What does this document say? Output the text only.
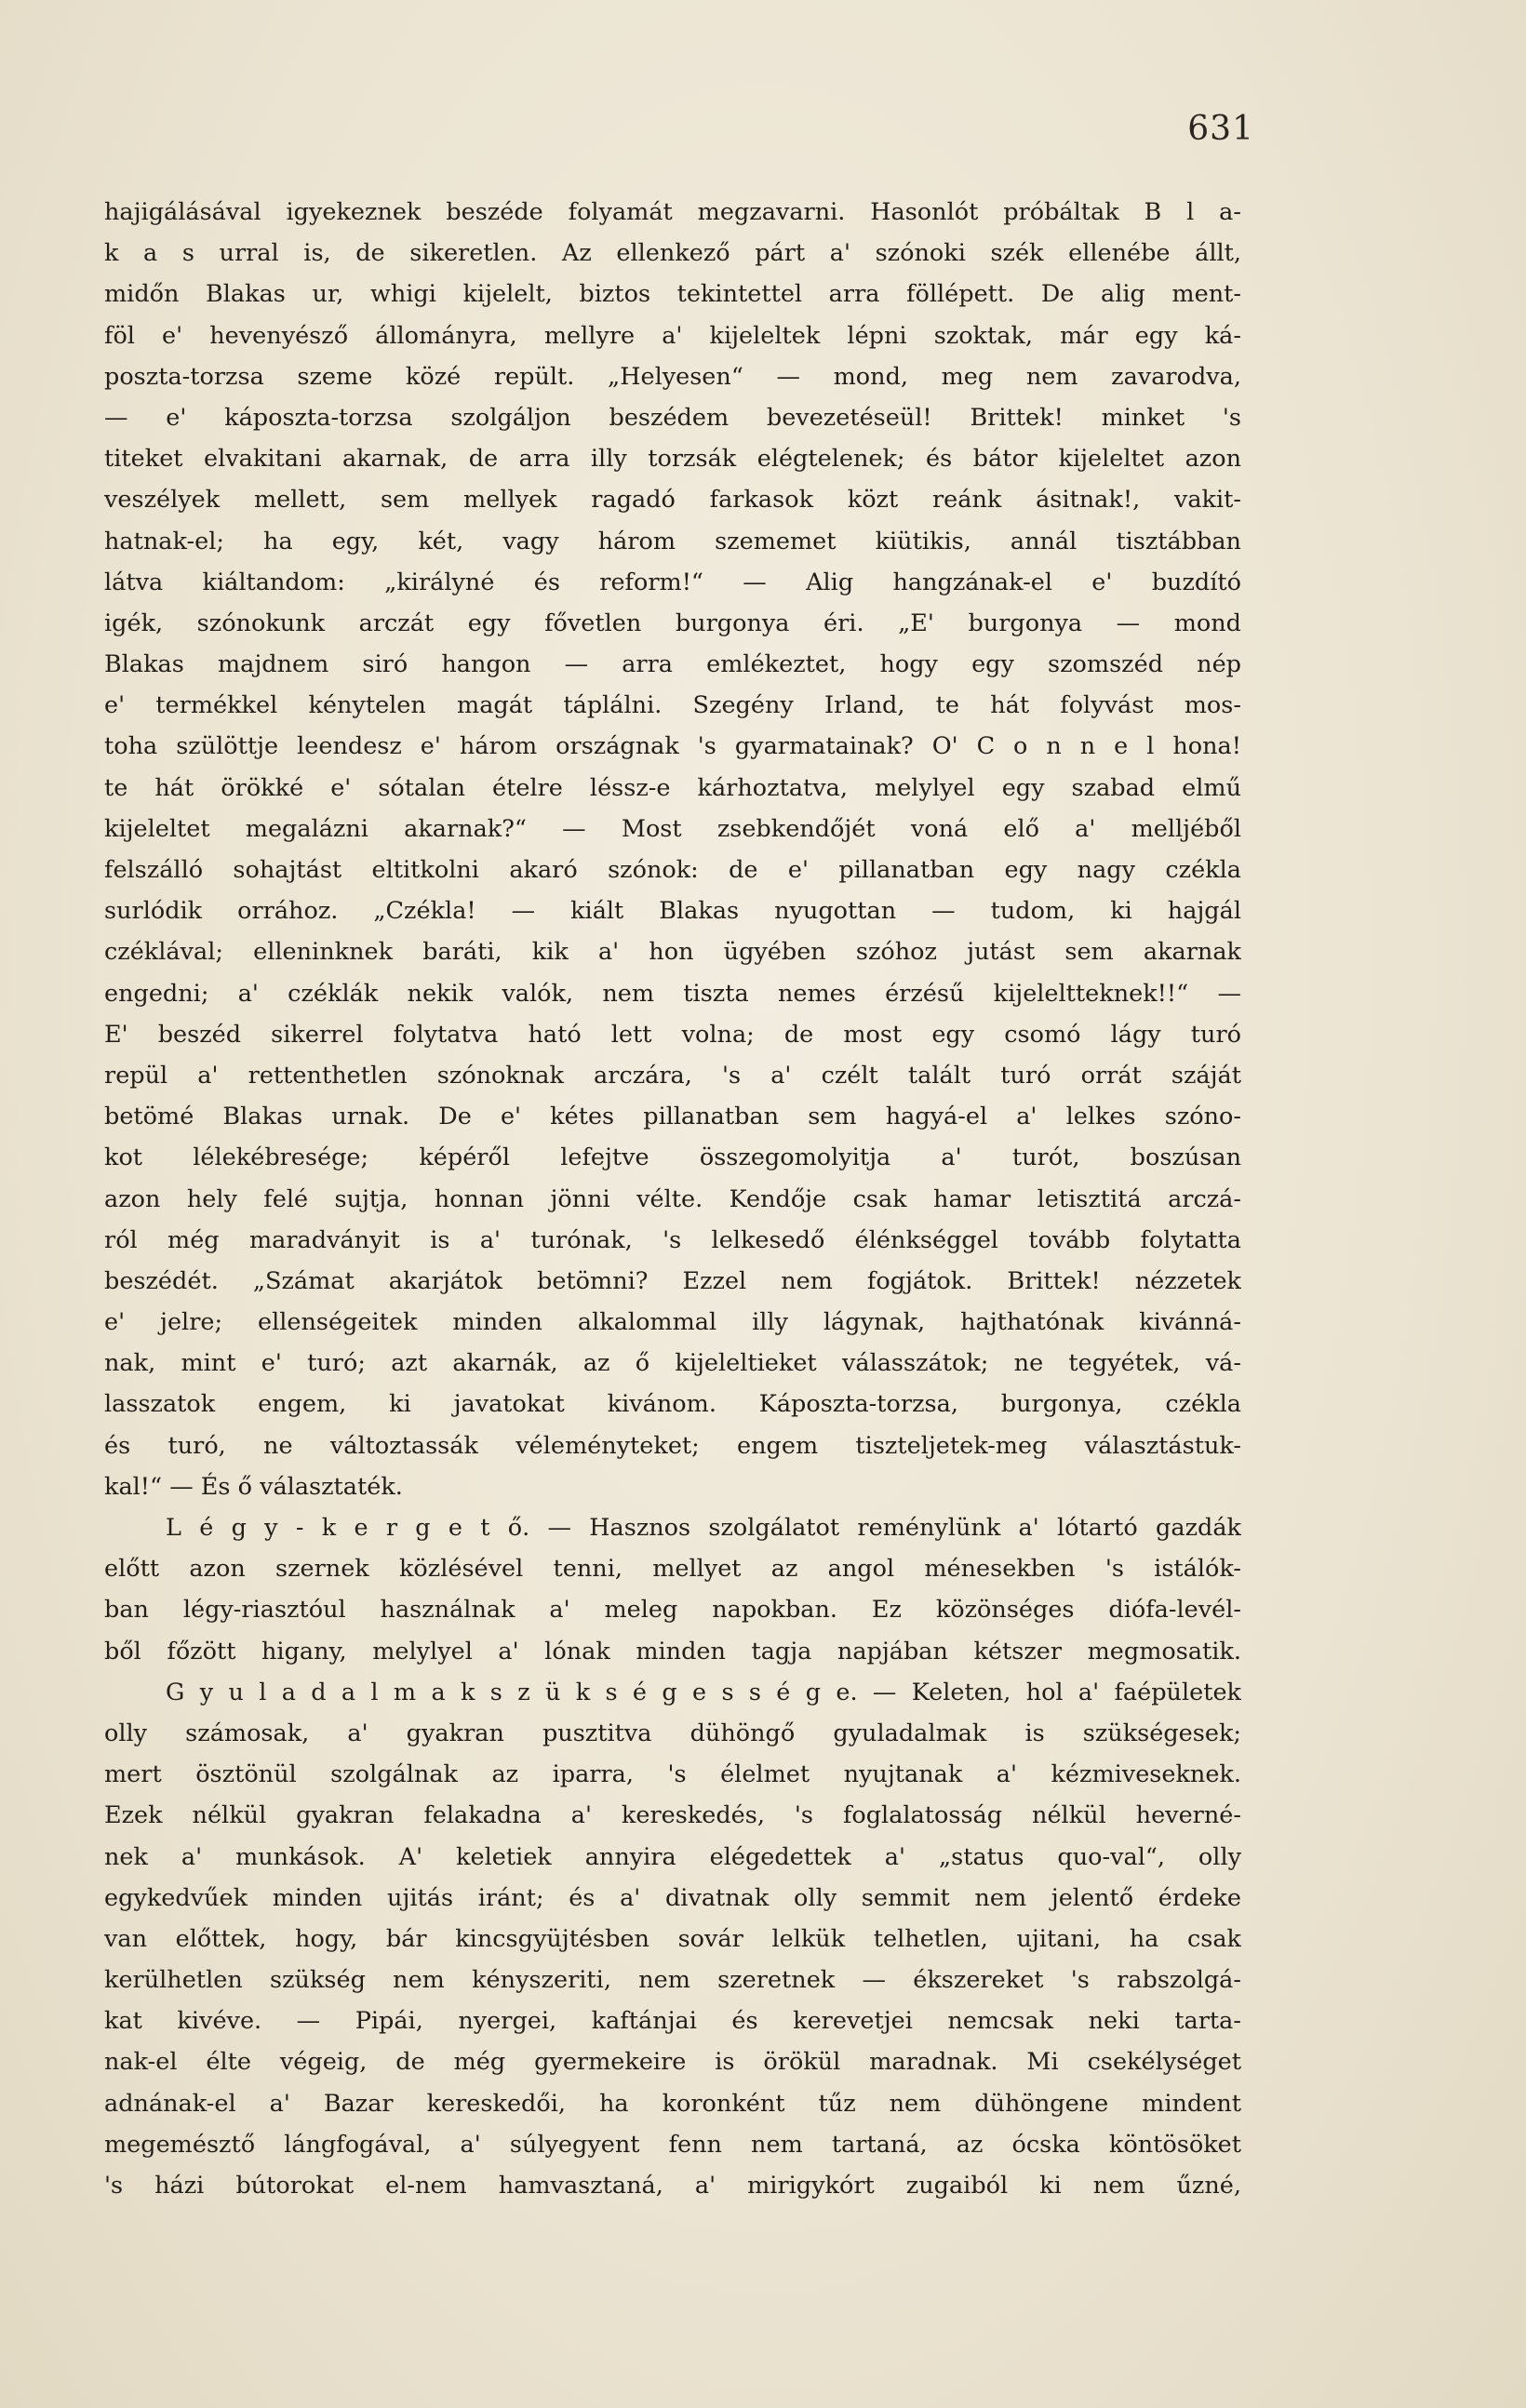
631
hajigálásával igyekeznek beszéde folyamát megzavarni. Hasonlót próbáltak B l a-
k a s urral is, de sikeretlen. Az ellenkező párt a' szónoki szék ellenébe állt,
midőn Blakas ur, whigi kijelelt, biztos tekintettel arra föllépett. De alig ment-
föl e' hevenyésző állományra, mellyre a' kijeleltek lépni szoktak, már egy ká-
poszta-torzsa szeme közé repült. „Helyesen“ — mond, meg nem zavarodva,
— e' káposzta-torzsa szolgáljon beszédem bevezetéseül! Brittek! minket 's
titeket elvakitani akarnak, de arra illy torzsák elégtelenek; és bátor kijeleltet azon
veszélyek mellett, sem mellyek ragadó farkasok közt reánk ásitnak!, vakit-
hatnak-el; ha egy, két, vagy három szememet kiütikis, annál tisztábban
látva kiáltandom: „királyné és reform!“ — Alig hangzának-el e' buzdító
igék, szónokunk arczát egy fővetlen burgonya éri. „E' burgonya — mond
Blakas majdnem siró hangon — arra emlékeztet, hogy egy szomszéd nép
e' termékkel kénytelen magát táplálni. Szegény Irland, te hát folyvást mos-
toha szülöttje leendesz e' három országnak 's gyarmatainak? O' C o n n e l hona!
te hát örökké e' sótalan ételre léssz-e kárhoztatva, melylyel egy szabad elmű
kijeleltet megalázni akarnak?“ — Most zsebkendőjét voná elő a' melljéből
felszálló sohajtást eltitkolni akaró szónok: de e' pillanatban egy nagy czékla
surlódik orrához. „Czékla! — kiált Blakas nyugottan — tudom, ki hajgál
czéklával; elleninknek baráti, kik a' hon ügyében szóhoz jutást sem akarnak
engedni; a' czéklák nekik valók, nem tiszta nemes érzésű kijeleltteknek!!“ —
E' beszéd sikerrel folytatva ható lett volna; de most egy csomó lágy turó
repül a' rettenthetlen szónoknak arczára, 's a' czélt talált turó orrát száját
betömé Blakas urnak. De e' kétes pillanatban sem hagyá-el a' lelkes szóno-
kot lélekébresége; képéről lefejtve összegomolyitja a' turót, boszúsan
azon hely felé sujtja, honnan jönni vélte. Kendője csak hamar letisztitá arczá-
ról még maradványit is a' turónak, 's lelkesedő élénkséggel tovább folytatta
beszédét. „Számat akarjátok betömni? Ezzel nem fogjátok. Brittek! nézzetek
e' jelre; ellenségeitek minden alkalommal illy lágynak, hajthatónak kivánná-
nak, mint e' turó; azt akarnák, az ő kijeleltieket válasszátok; ne tegyétek, vá-
lasszatok engem, ki javatokat kivánom. Káposzta-torzsa, burgonya, czékla
és turó, ne változtassák véleményteket; engem tiszteljetek-meg választástuk-
kal!“ — És ő választaték.
L é g y - k e r g e t ő. — Hasznos szolgálatot reménylünk a' lótartó gazdák
előtt azon szernek közlésével tenni, mellyet az angol ménesekben 's istálók-
ban légy-riasztóul használnak a' meleg napokban. Ez közönséges diófa-levél-
ből főzött higany, melylyel a' lónak minden tagja napjában kétszer megmosatik.
G y u l a d a l m a k s z ü k s é g e s s é g e. — Keleten, hol a' faépületek
olly számosak, a' gyakran pusztitva dühöngő gyuladalmak is szükségesek;
mert ösztönül szolgálnak az iparra, 's élelmet nyujtanak a' kézmiveseknek.
Ezek nélkül gyakran felakadna a' kereskedés, 's foglalatosság nélkül heverné-
nek a' munkások. A' keletiek annyira elégedettek a' „status quo-val“, olly
egykedvűek minden ujitás iránt; és a' divatnak olly semmit nem jelentő érdeke
van előttek, hogy, bár kincsgyüjtésben sovár lelkük telhetlen, ujitani, ha csak
kerülhetlen szükség nem kényszeriti, nem szeretnek — ékszereket 's rabszolgá-
kat kivéve. — Pipái, nyergei, kaftánjai és kerevetjei nemcsak neki tarta-
nak-el élte végeig, de még gyermekeire is örökül maradnak. Mi csekélységet
adnának-el a' Bazar kereskedői, ha koronként tűz nem dühöngene mindent
megemésztő lángfogával, a' súlyegyent fenn nem tartaná, az ócska köntösöket
's házi bútorokat el-nem hamvasztaná, a' mirigykórt zugaiból ki nem űzné,
